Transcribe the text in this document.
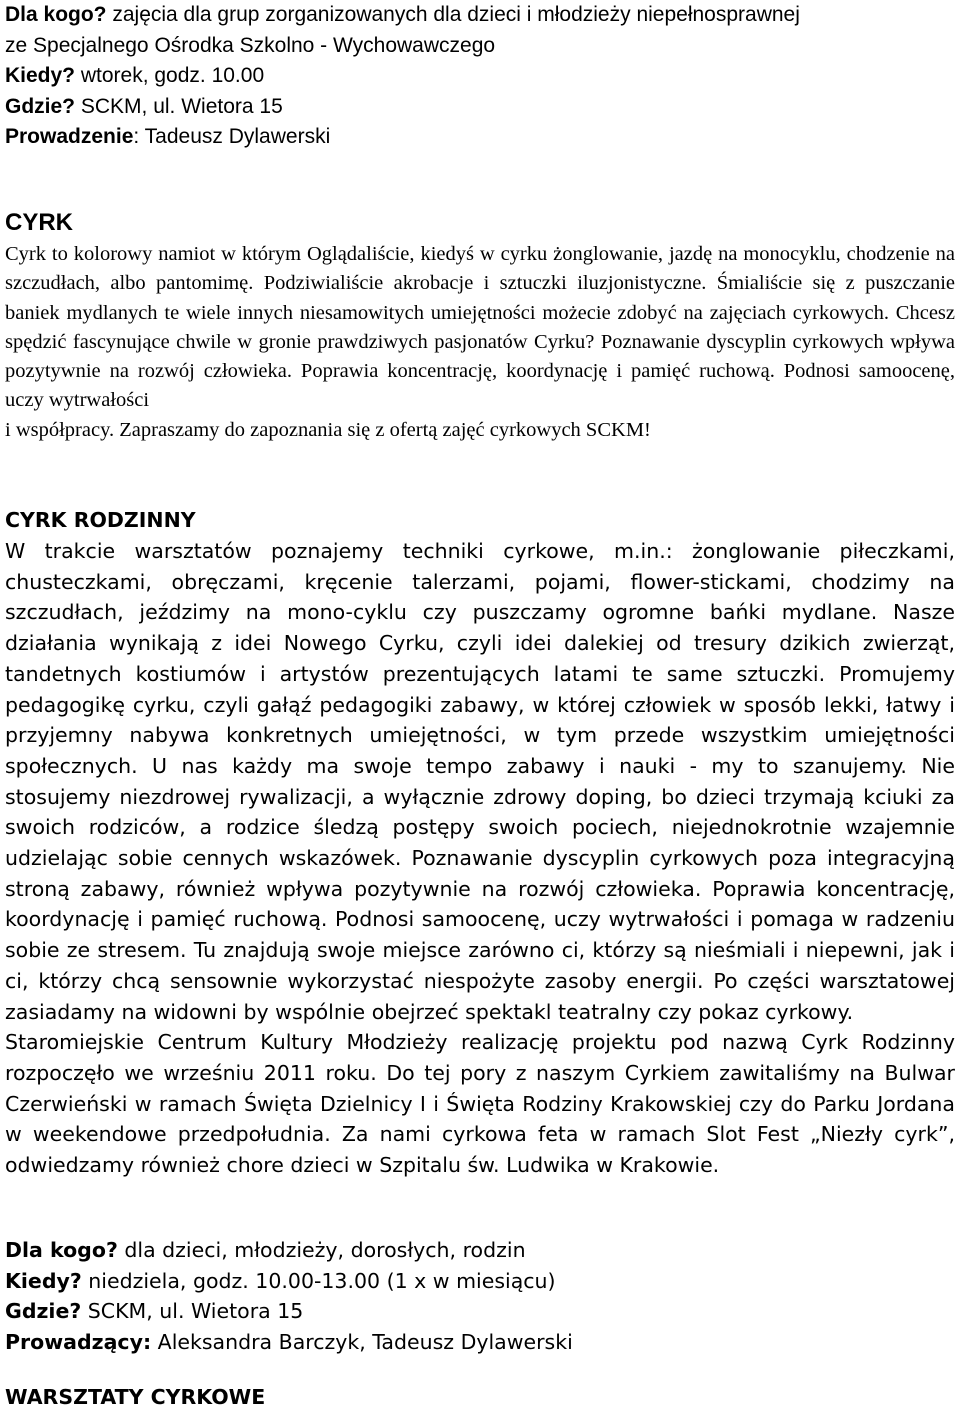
Dla kogo? zajęcia dla grup zorganizowanych dla dzieci i młodzieży niepełnosprawnej
ze Specjalnego Ośrodka Szkolno - Wychowawczego
Kiedy? wtorek, godz. 10.00
Gdzie? SCKM, ul. Wietora 15
Prowadzenie: Tadeusz Dylawerski
CYRK

Cyrk to kolorowy namiot w którym Oglądaliście, kiedyś w cyrku żonglowanie, jazdę na monocyklu, chodzenie na szczudłach, albo pantomimę. Podziwialiście akrobacje i sztuczki iluzjonistyczne. Śmialiście się z puszczanie baniek mydlanych te wiele innych niesamowitych umiejętności możecie zdobyć na zajęciach cyrkowych. Chcesz spędzić fascynujące chwile w gronie prawdziwych pasjonatów Cyrku? Poznawanie dyscyplin cyrkowych wpływa pozytywnie na rozwój człowieka. Poprawia koncentrację, koordynację i pamięć ruchową. Podnosi samoocenę, uczy wytrwałości

i współpracy. Zapraszamy do zapoznania się z ofertą zajęć cyrkowych SCKM!

CYRK RODZINNY

W trakcie warsztatów poznajemy techniki cyrkowe, m.in.: żonglowanie piłeczkami, chusteczkami, obręczami, kręcenie talerzami, pojami, flower-stickami, chodzimy na szczudłach, jeździmy na mono-cyklu czy puszczamy ogromne bańki mydlane. Nasze działania wynikają z idei Nowego Cyrku, czyli idei dalekiej od tresury dzikich zwierząt, tandetnych kostiumów i artystów prezentujących latami te same sztuczki. Promujemy pedagogikę cyrku, czyli gałąź pedagogiki zabawy, w której człowiek w sposób lekki, łatwy i przyjemny nabywa konkretnych umiejętności, w tym przede wszystkim umiejętności społecznych. U nas każdy ma swoje tempo zabawy i nauki - my to szanujemy. Nie stosujemy niezdrowej rywalizacji, a wyłącznie zdrowy doping, bo dzieci trzymają kciuki za swoich rodziców, a rodzice śledzą postępy swoich pociech, niejednokrotnie wzajemnie udzielając sobie cennych wskazówek. Poznawanie dyscyplin cyrkowych poza integracyjną stroną zabawy, również wpływa pozytywnie na rozwój człowieka. Poprawia koncentrację, koordynację i pamięć ruchową. Podnosi samoocenę, uczy wytrwałości i pomaga w radzeniu sobie ze stresem. Tu znajdują swoje miejsce zarówno ci, którzy są nieśmiali i niepewni, jak i ci, którzy chcą sensownie wykorzystać niespożyte zasoby energii. Po części warsztatowej zasiadamy na widowni by wspólnie obejrzeć spektakl teatralny czy pokaz cyrkowy.

Staromiejskie Centrum Kultury Młodzieży realizację projektu pod nazwą Cyrk Rodzinny rozpoczęło we wrześniu 2011 roku. Do tej pory z naszym Cyrkiem zawitaliśmy na Bulwar Czerwieński w ramach Święta Dzielnicy I i Święta Rodziny Krakowskiej czy do Parku Jordana w weekendowe przedpołudnia. Za nami cyrkowa feta w ramach Slot Fest „Niezły cyrk”, odwiedzamy również chore dzieci w Szpitalu św. Ludwika w Krakowie.

Dla kogo? dla dzieci, młodzieży, dorosłych, rodzin
Kiedy? niedziela, godz. 10.00-13.00 (1 x w miesiącu)
Gdzie? SCKM, ul. Wietora 15
Prowadzący: Aleksandra Barczyk, Tadeusz Dylawerski
WARSZTATY CYRKOWE
